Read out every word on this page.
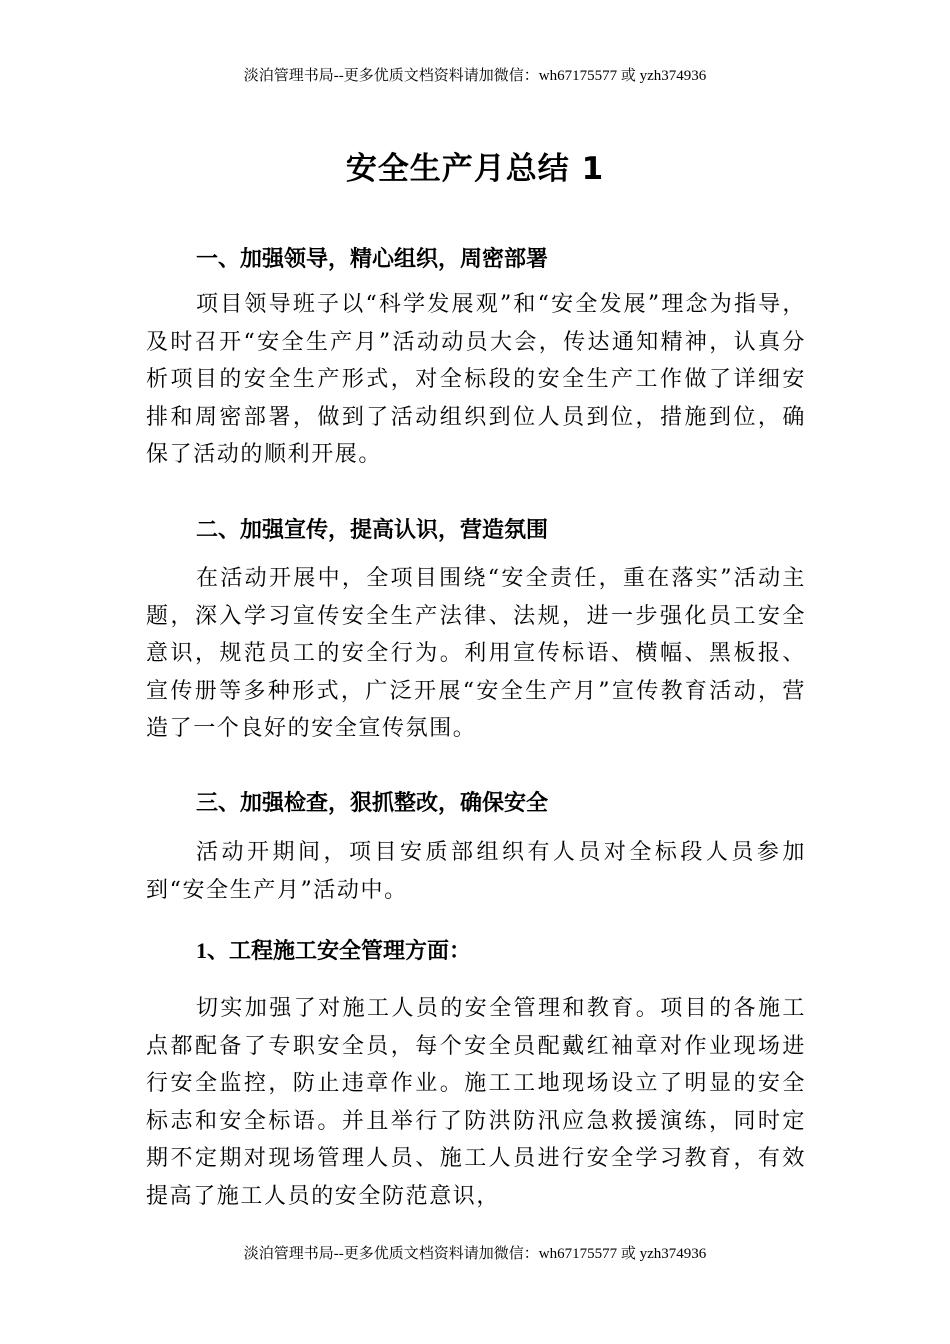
淡泊管理书局--更多优质文档资料请加微信：wh67175577 或 yzh374936
安全生产月总结 1
一、加强领导，精心组织，周密部署

项目领导班子以“科学发展观”和“安全发展”理念为指导，及时召开“安全生产月”活动动员大会，传达通知精神，认真分析项目的安全生产形式，对全标段的安全生产工作做了详细安排和周密部署，做到了活动组织到位人员到位，措施到位，确保了活动的顺利开展。

二、加强宣传，提高认识，营造氛围

在活动开展中，全项目围绕“安全责任，重在落实”活动主题，深入学习宣传安全生产法律、法规，进一步强化员工安全意识，规范员工的安全行为。利用宣传标语、横幅、黑板报、宣传册等多种形式，广泛开展“安全生产月”宣传教育活动，营造了一个良好的安全宣传氛围。

三、加强检查，狠抓整改，确保安全

活动开期间，项目安质部组织有人员对全标段人员参加到“安全生产月”活动中。

1、工程施工安全管理方面：

切实加强了对施工人员的安全管理和教育。项目的各施工点都配备了专职安全员，每个安全员配戴红袖章对作业现场进行安全监控，防止违章作业。施工工地现场设立了明显的安全标志和安全标语。并且举行了防洪防汛应急救援演练，同时定期不定期对现场管理人员、施工人员进行安全学习教育，有效提高了施工人员的安全防范意识，

淡泊管理书局--更多优质文档资料请加微信：wh67175577 或 yzh374936
